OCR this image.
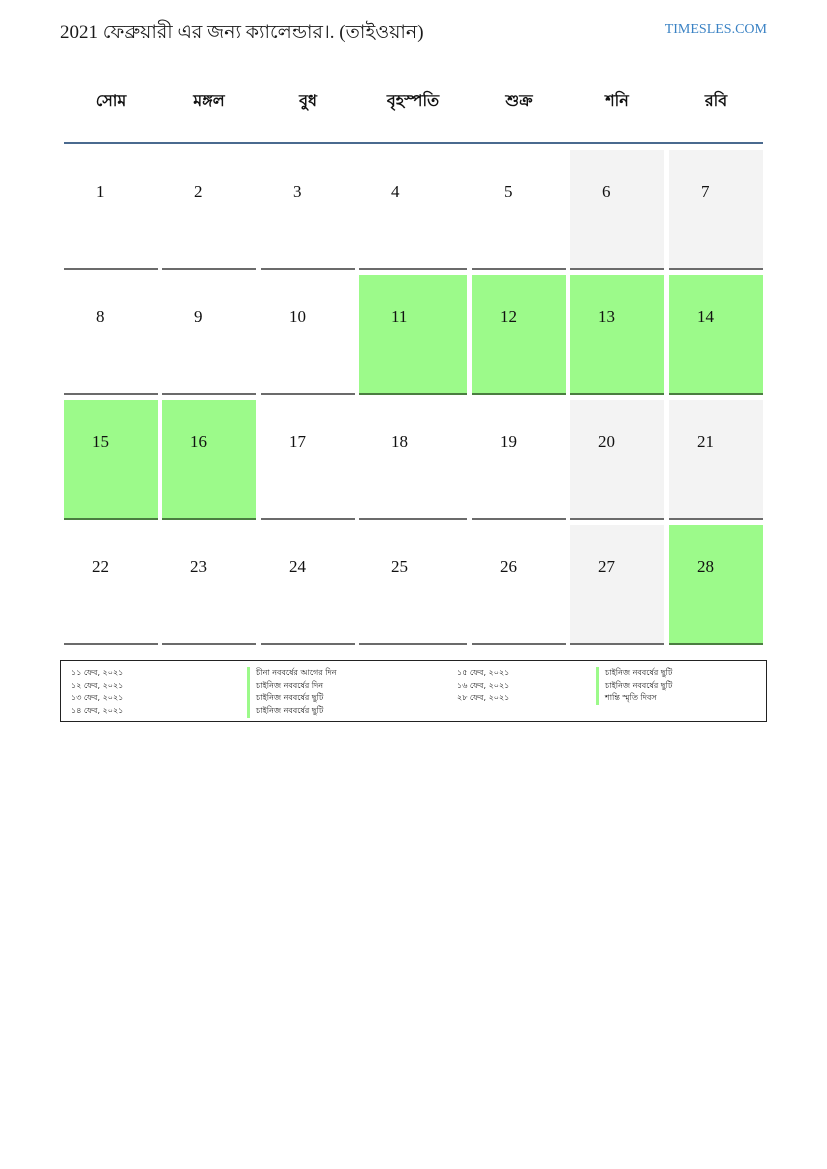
2021 ফেব্রুয়ারী এর জন্য ক্যালেন্ডার।. (তাইওয়ান)	TIMESLES.COM
সোম	মঙ্গল	বুধ	বৃহস্পতি	শুক্র	শনি	রবি
1	2	3	4	5	6	7
8	9	10	11	12	13	14
15	16	17	18	19	20	21
22	23	24	25	26	27	28
১১ ফেব, ২০২১	চীনা নববর্ষের আগের দিন
১২ ফেব, ২০২১	চাইনিজ নববর্ষের দিন
১৩ ফেব, ২০২১	চাইনিজ নববর্ষের ছুটি
১৪ ফেব, ২০২১	চাইনিজ নববর্ষের ছুটি
১৫ ফেব, ২০২১	চাইনিজ নববর্ষের ছুটি
১৬ ফেব, ২০২১	চাইনিজ নববর্ষের ছুটি
২৮ ফেব, ২০২১	শান্তি স্মৃতি দিবস
